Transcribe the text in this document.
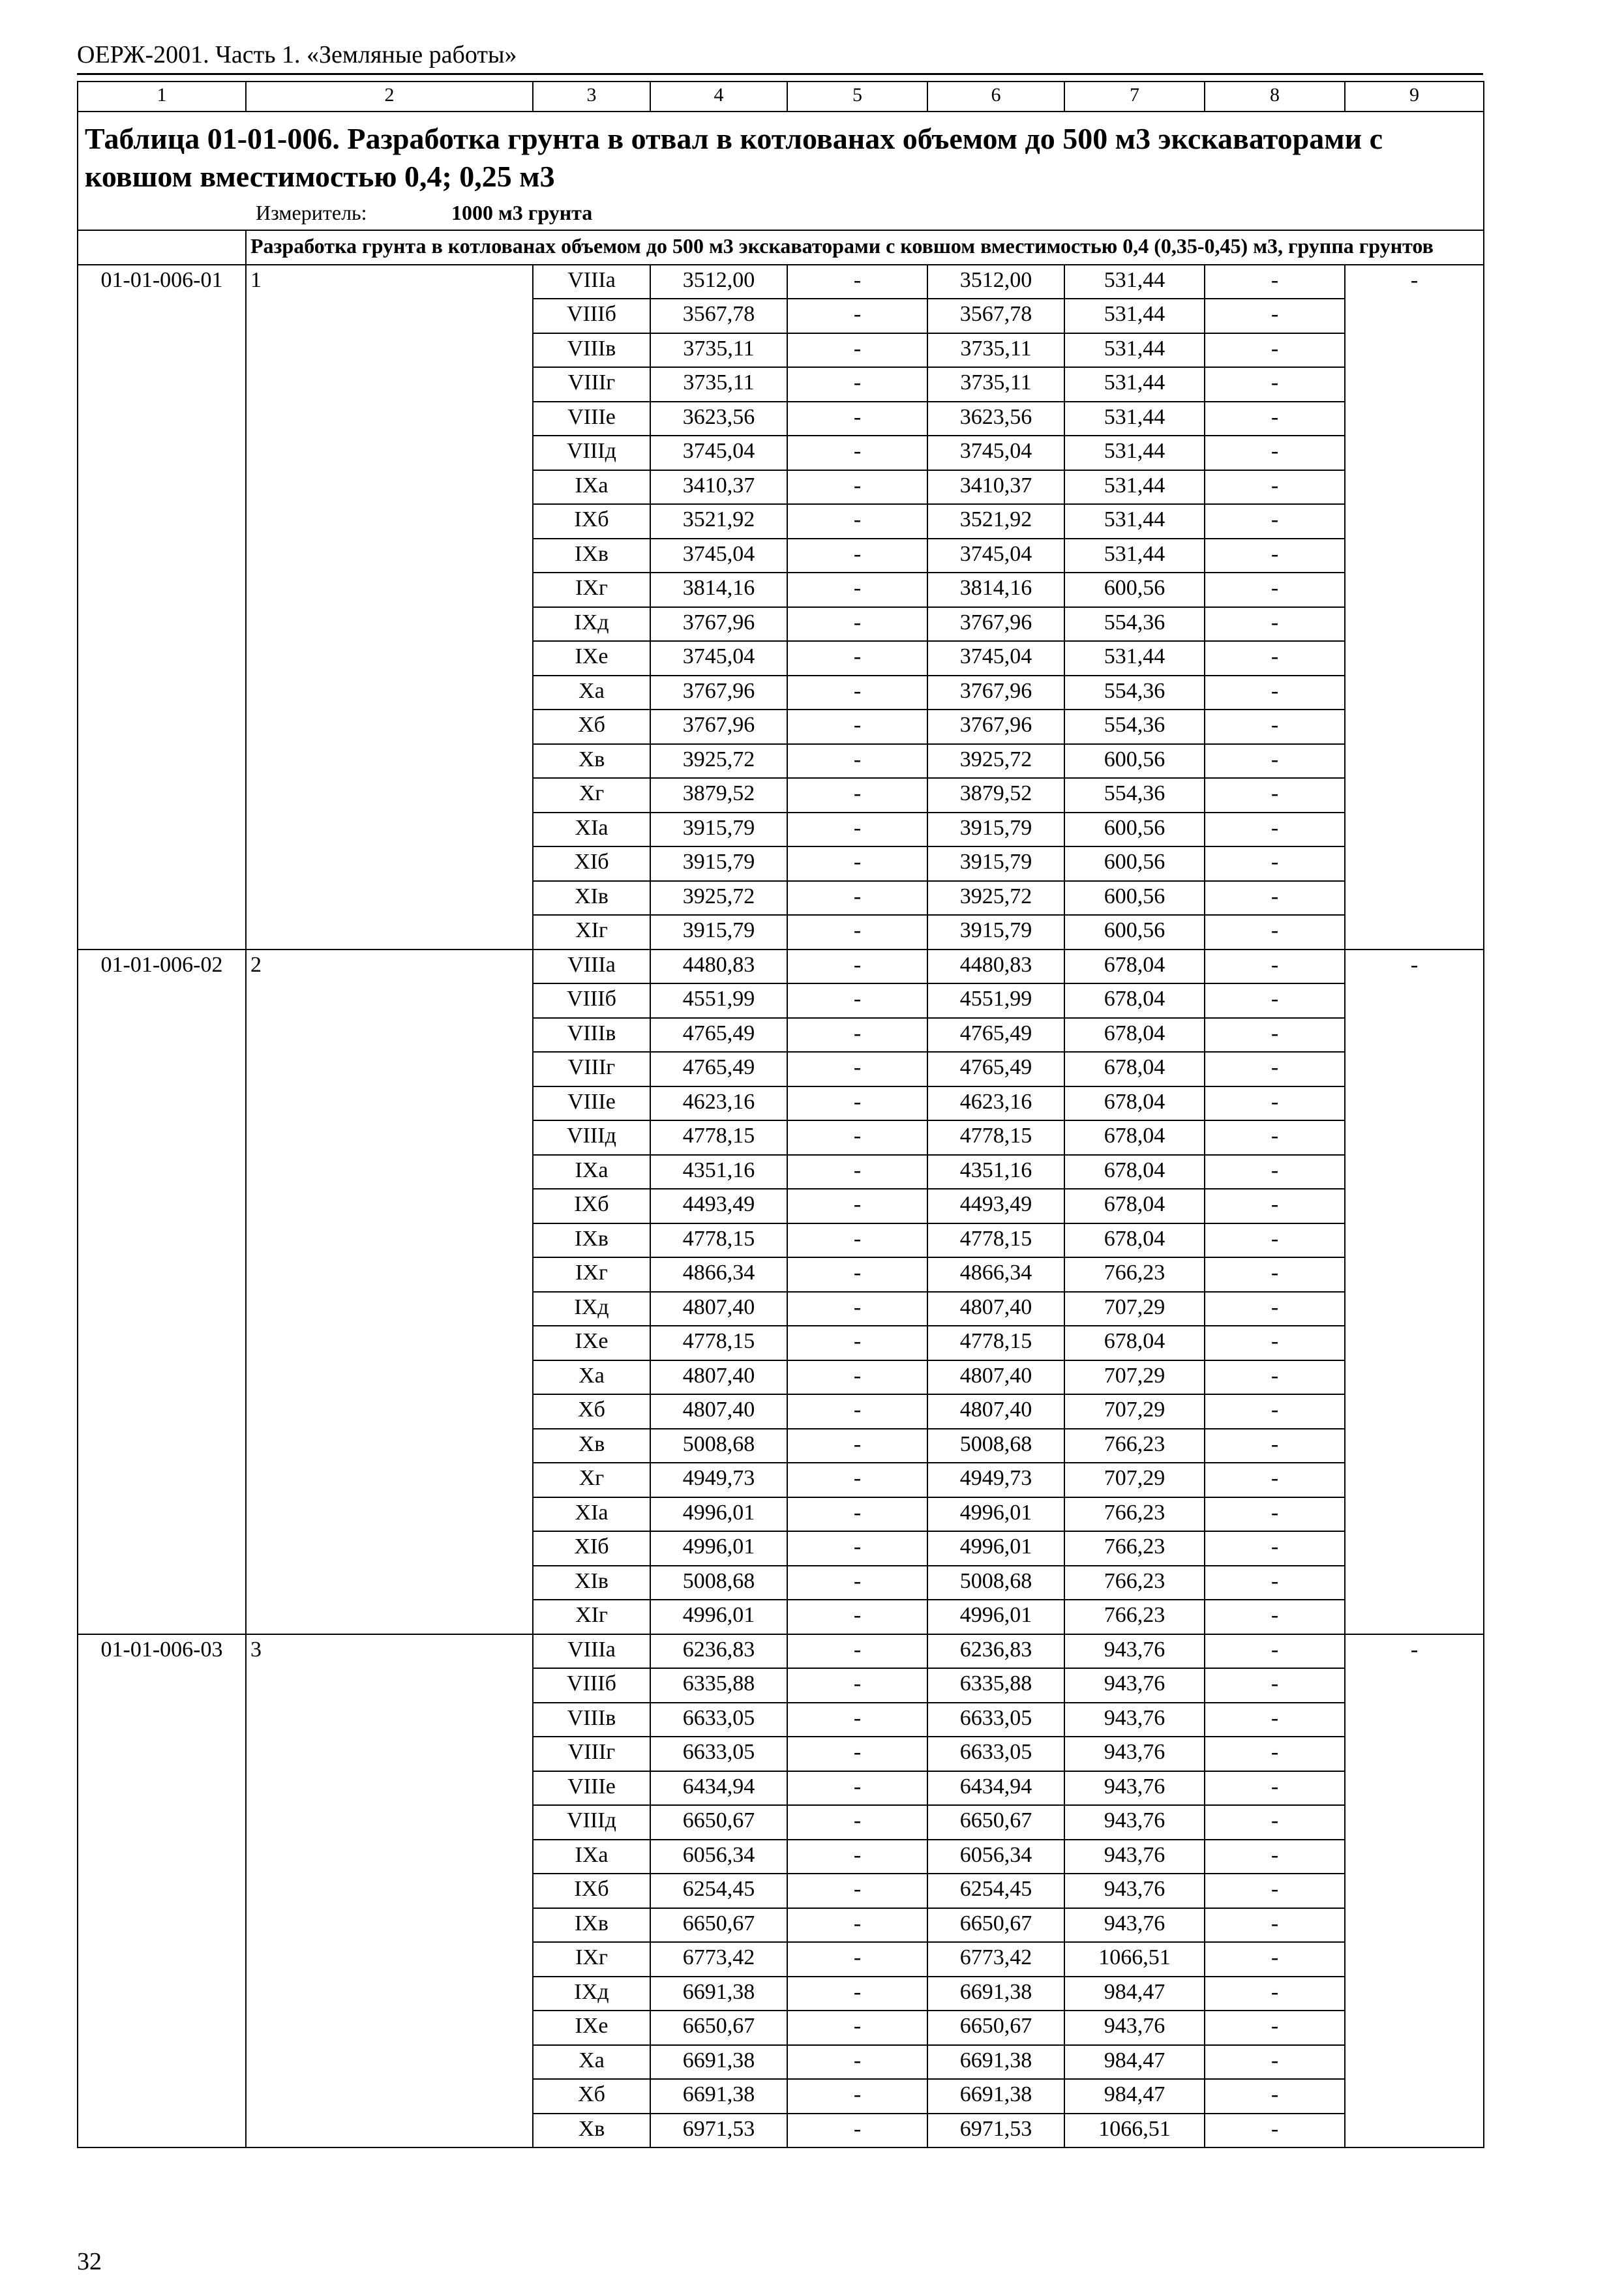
ОЕРЖ-2001. Часть 1. «Земляные работы»
1	2	3	4	5	6	7	8	9

Таблица 01-01-006. Разработка грунта в отвал в котлованах объемом до 500 м3 экскаваторами с ковшом вместимостью 0,4; 0,25 м3
Измеритель: 1000 м3 грунта								

	Разработка грунта в котлованах объемом до 500 м3 экскаваторами с ковшом вместимостью 0,4 (0,35-0,45) м3, группа грунтов							
01-01-006-01	1	VIIIа	3512,00	-	3512,00	531,44	-	-
		VIIIб	3567,78	-	3567,78	531,44	-	
		VIIIв	3735,11	-	3735,11	531,44	-	
		VIIIг	3735,11	-	3735,11	531,44	-	
		VIIIе	3623,56	-	3623,56	531,44	-	
		VIIIд	3745,04	-	3745,04	531,44	-	
		IXа	3410,37	-	3410,37	531,44	-	
		IXб	3521,92	-	3521,92	531,44	-	
		IXв	3745,04	-	3745,04	531,44	-	
		IXг	3814,16	-	3814,16	600,56	-	
		IXд	3767,96	-	3767,96	554,36	-	
		IXе	3745,04	-	3745,04	531,44	-	
		Xа	3767,96	-	3767,96	554,36	-	
		Xб	3767,96	-	3767,96	554,36	-	
		Xв	3925,72	-	3925,72	600,56	-	
		Xг	3879,52	-	3879,52	554,36	-	
		XIа	3915,79	-	3915,79	600,56	-	
		XIб	3915,79	-	3915,79	600,56	-	
		XIв	3925,72	-	3925,72	600,56	-	
		XIг	3915,79	-	3915,79	600,56	-	
01-01-006-02	2	VIIIа	4480,83	-	4480,83	678,04	-	-
		VIIIб	4551,99	-	4551,99	678,04	-	
		VIIIв	4765,49	-	4765,49	678,04	-	
		VIIIг	4765,49	-	4765,49	678,04	-	
		VIIIе	4623,16	-	4623,16	678,04	-	
		VIIIд	4778,15	-	4778,15	678,04	-	
		IXа	4351,16	-	4351,16	678,04	-	
		IXб	4493,49	-	4493,49	678,04	-	
		IXв	4778,15	-	4778,15	678,04	-	
		IXг	4866,34	-	4866,34	766,23	-	
		IXд	4807,40	-	4807,40	707,29	-	
		IXе	4778,15	-	4778,15	678,04	-	
		Xа	4807,40	-	4807,40	707,29	-	
		Xб	4807,40	-	4807,40	707,29	-	
		Xв	5008,68	-	5008,68	766,23	-	
		Xг	4949,73	-	4949,73	707,29	-	
		XIа	4996,01	-	4996,01	766,23	-	
		XIб	4996,01	-	4996,01	766,23	-	
		XIв	5008,68	-	5008,68	766,23	-	
		XIг	4996,01	-	4996,01	766,23	-	
01-01-006-03	3	VIIIа	6236,83	-	6236,83	943,76	-	-
		VIIIб	6335,88	-	6335,88	943,76	-	
		VIIIв	6633,05	-	6633,05	943,76	-	
		VIIIг	6633,05	-	6633,05	943,76	-	
		VIIIе	6434,94	-	6434,94	943,76	-	
		VIIIд	6650,67	-	6650,67	943,76	-	
		IXа	6056,34	-	6056,34	943,76	-	
		IXб	6254,45	-	6254,45	943,76	-	
		IXв	6650,67	-	6650,67	943,76	-	
		IXг	6773,42	-	6773,42	1066,51	-	
		IXд	6691,38	-	6691,38	984,47	-	
		IXе	6650,67	-	6650,67	943,76	-	
		Xа	6691,38	-	6691,38	984,47	-	
		Xб	6691,38	-	6691,38	984,47	-	
		Xв	6971,53	-	6971,53	1066,51	-	
32
